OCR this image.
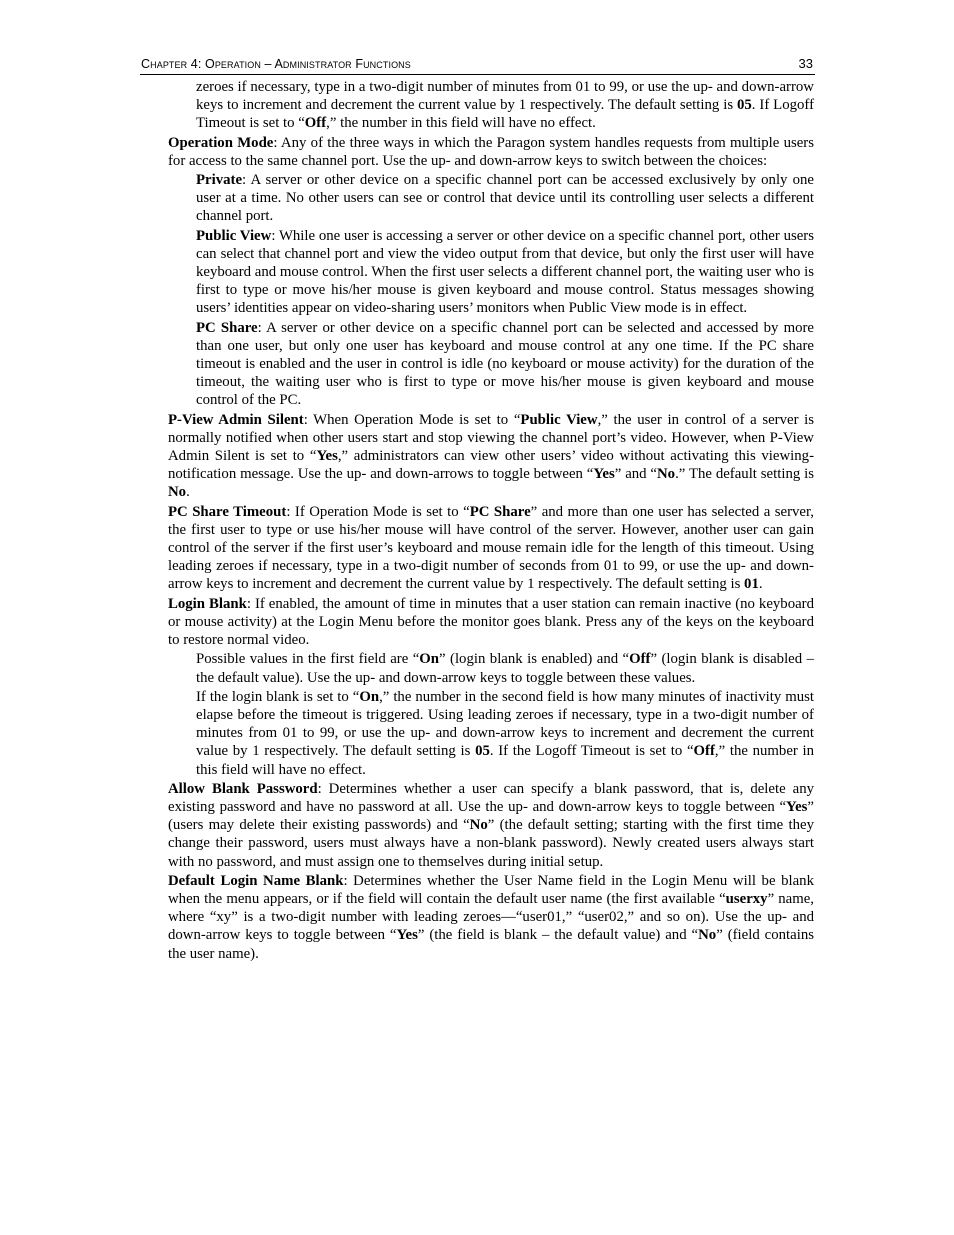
Chapter 4: Operation – Administrator Functions	33

zeroes if necessary, type in a two-digit number of minutes from 01 to 99, or use the up- and down-arrow keys to increment and decrement the current value by 1 respectively. The default setting is 05. If Logoff Timeout is set to “Off,” the number in this field will have no effect.

Operation Mode: Any of the three ways in which the Paragon system handles requests from multiple users for access to the same channel port. Use the up- and down-arrow keys to switch between the choices:

Private: A server or other device on a specific channel port can be accessed exclusively by only one user at a time. No other users can see or control that device until its controlling user selects a different channel port.

Public View: While one user is accessing a server or other device on a specific channel port, other users can select that channel port and view the video output from that device, but only the first user will have keyboard and mouse control. When the first user selects a different channel port, the waiting user who is first to type or move his/her mouse is given keyboard and mouse control. Status messages showing users’ identities appear on video-sharing users’ monitors when Public View mode is in effect.

PC Share: A server or other device on a specific channel port can be selected and accessed by more than one user, but only one user has keyboard and mouse control at any one time. If the PC share timeout is enabled and the user in control is idle (no keyboard or mouse activity) for the duration of the timeout, the waiting user who is first to type or move his/her mouse is given keyboard and mouse control of the PC.

P-View Admin Silent: When Operation Mode is set to “Public View,” the user in control of a server is normally notified when other users start and stop viewing the channel port’s video. However, when P-View Admin Silent is set to “Yes,” administrators can view other users’ video without activating this viewing-notification message. Use the up- and down-arrows to toggle between “Yes” and “No.” The default setting is No.

PC Share Timeout: If Operation Mode is set to “PC Share” and more than one user has selected a server, the first user to type or use his/her mouse will have control of the server. However, another user can gain control of the server if the first user’s keyboard and mouse remain idle for the length of this timeout. Using leading zeroes if necessary, type in a two-digit number of seconds from 01 to 99, or use the up- and down-arrow keys to increment and decrement the current value by 1 respectively. The default setting is 01.

Login Blank: If enabled, the amount of time in minutes that a user station can remain inactive (no keyboard or mouse activity) at the Login Menu before the monitor goes blank. Press any of the keys on the keyboard to restore normal video.

Possible values in the first field are “On” (login blank is enabled) and “Off” (login blank is disabled – the default value). Use the up- and down-arrow keys to toggle between these values.

If the login blank is set to “On,” the number in the second field is how many minutes of inactivity must elapse before the timeout is triggered. Using leading zeroes if necessary, type in a two-digit number of minutes from 01 to 99, or use the up- and down-arrow keys to increment and decrement the current value by 1 respectively. The default setting is 05. If the Logoff Timeout is set to “Off,” the number in this field will have no effect.

Allow Blank Password: Determines whether a user can specify a blank password, that is, delete any existing password and have no password at all. Use the up- and down-arrow keys to toggle between “Yes” (users may delete their existing passwords) and “No” (the default setting; starting with the first time they change their password, users must always have a non-blank password). Newly created users always start with no password, and must assign one to themselves during initial setup.

Default Login Name Blank: Determines whether the User Name field in the Login Menu will be blank when the menu appears, or if the field will contain the default user name (the first available “userxy” name, where “xy” is a two-digit number with leading zeroes—“user01,” “user02,” and so on). Use the up- and down-arrow keys to toggle between “Yes” (the field is blank – the default value) and “No” (field contains the user name).
